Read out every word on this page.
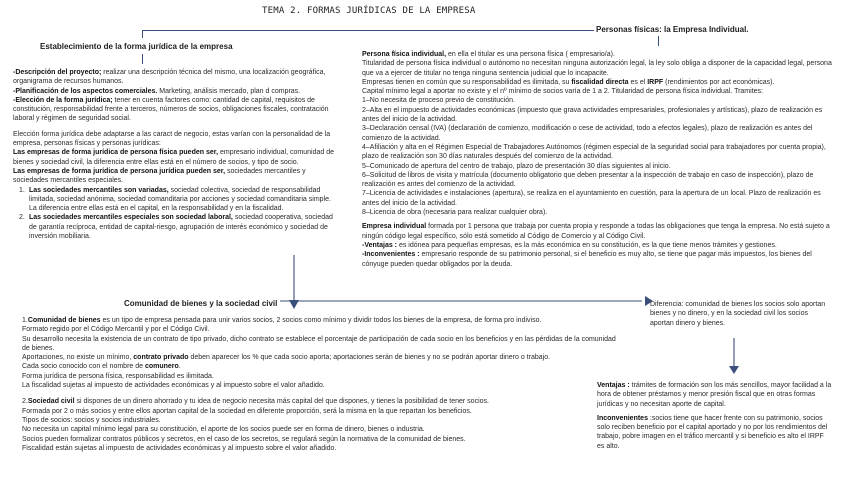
TEMA 2. FORMAS JURÍDICAS DE LA EMPRESA
Establecimiento de la forma jurídica de la empresa

-Descripción del proyecto; realizar una descripción técnica del mismo, una localización geográfica, organigrama de recursos humanos.

-Planificación de los aspectos comerciales. Marketing, análisis mercado, plan d compras.

-Elección de la forma jurídica; tener en cuenta factores como: cantidad de capital, requisitos de constitución, responsabilidad frente a terceros, números de socios, obligaciones fiscales, contratación laboral y régimen de seguridad social.

Elección forma jurídica debe adaptarse a las caract de negocio, estas varían con la personalidad de la empresa, personas físicas y personas jurídicas:

Las empresas de forma jurídica de persona física pueden ser, empresario individual, comunidad de bienes y sociedad civil, la diferencia entre ellas está en el número de socios, y tipo de socio.

Las empresas de forma jurídica de persona jurídica pueden ser, sociedades mercantiles y sociedades mercantiles especiales.

1. Las sociedades mercantiles son variadas, sociedad colectiva, sociedad de responsabilidad limitada, sociedad anónima, sociedad comanditaria por acciones y sociedad comanditaria simple. La diferencia entre ellas está en el capital, en la responsabilidad y en la fiscalidad.
2. Las sociedades mercantiles especiales son sociedad laboral, sociedad cooperativa, sociedad de garantía recíproca, entidad de capital-riesgo, agrupación de interés económico y sociedad de inversión mobiliaria.
Personas físicas: la Empresa Individual.

Persona física individual, en ella el titular es una persona física ( empresario/a).

Titularidad de persona física individual o autónomo no necesitan ninguna autorización legal, la ley solo obliga a disponer de la capacidad legal, persona que va a ejercer de titular no tenga ninguna sentencia judicial que lo incapacite.

Empresas tienen en común que su responsabilidad es ilimitada, su fiscalidad directa es el IRPF (rendimientos por act económicas).

Capital mínimo legal a aportar no existe y el nº mínimo de socios varía de 1 a 2. Titularidad de persona física individual. Tramites:

1–No necesita de proceso previo de constitución.

2–Alta en el impuesto de actividades económicas (impuesto que grava actividades empresariales, profesionales y artísticas), plazo de realización es antes del inicio de la actividad.

3–Declaración censal (IVA) (declaración de comienzo, modificación o cese de actividad, todo a efectos legales), plazo de realización es antes del comienzo de la actividad.

4–Afiliación y alta en el Régimen Especial de Trabajadores Autónomos (régimen especial de la seguridad social para trabajadores por cuenta propia), plazo de realización son 30 días naturales después del comienzo de la actividad.

5–Comunicado de apertura del centro de trabajo, plazo de presentación 30 días siguientes al inicio.

6–Solicitud de libros de visita y matrícula (documento obligatorio que deben presentar a la inspección de trabajo en caso de inspección), plazo de realización es antes del comienzo de la actividad.

7–Licencia de actividades e instalaciones (apertura), se realiza en el ayuntamiento en cuestión, para la apertura de un local. Plazo de realización es antes del inicio de la actividad.

8–Licencia de obra (necesaria para realizar cualquier obra).

Empresa individual formada por 1 persona que trabaja por cuenta propia y responde a todas las obligaciones que tenga la empresa. No está sujeto a ningún código legal específico, sólo está sometido al Código de Comercio y al Código Civil.

-Ventajas : es idónea para pequeñas empresas, es la más económica en su constitución, es la que tiene menos trámites y gestiones.

-Inconvenientes : empresario responde de su patrimonio personal, si el beneficio es muy alto, se tiene que pagar más impuestos, los bienes del cónyuge pueden quedar obligados por la deuda.

Comunidad de bienes y la sociedad civil

1.Comunidad de bienes es un tipo de empresa pensada para unir varios socios, 2 socios como mínimo y dividir todos los bienes de la empresa, de forma pro indiviso.

Formato regido por el Código Mercantil y por el Código Civil.

Su desarrollo necesita la existencia de un contrato de tipo privado, dicho contrato se establece el porcentaje de participación de cada socio en los beneficios y en las pérdidas de la comunidad de bienes.

Aportaciones, no existe un mínimo, contrato privado deben aparecer los % que cada socio aporta; aportaciones serán de bienes y no se podrán aportar dinero o trabajo.

Cada socio conocido con el nombre de comunero.

Forma jurídica de persona física, responsabilidad es ilimitada.

La fiscalidad sujetas al impuesto de actividades económicas y al impuesto sobre el valor añadido.

2.Sociedad civil si dispones de un dinero ahorrado y tu idea de negocio necesita más capital del que dispones, y tienes la posibilidad de tener socios.

Formada por 2 o más socios y entre ellos aportan capital de la sociedad en diferente proporción, será la misma en la que repartan los beneficios.

Tipos de socios: socios y socios industriales.

No necesita un capital mínimo legal para su constitución, el aporte de los socios puede ser en forma de dinero, bienes o industria.

Socios pueden formalizar contratos públicos y secretos, en el caso de los secretos, se regulará según la normativa de la comunidad de bienes.

Fiscalidad están sujetas al impuesto de actividades económicas y al impuesto sobre el valor añadido.

Diferencia: comunidad de bienes los socios solo aportan bienes y no dinero, y en la sociedad civil los socios aportan dinero y bienes.

Ventajas : trámites de formación son los más sencillos, mayor facilidad a la hora de obtener préstamos y menor presión fiscal que en otras formas jurídicas y no necesitan aporte de capital.

Inconvenientes :socios tiene que hacer frente con su patrimonio, socios solo reciben beneficio por el capital aportado y no por los rendimientos del trabajo, pobre imagen en el tráfico mercantil y si beneficio es alto el IRPF es alto.
